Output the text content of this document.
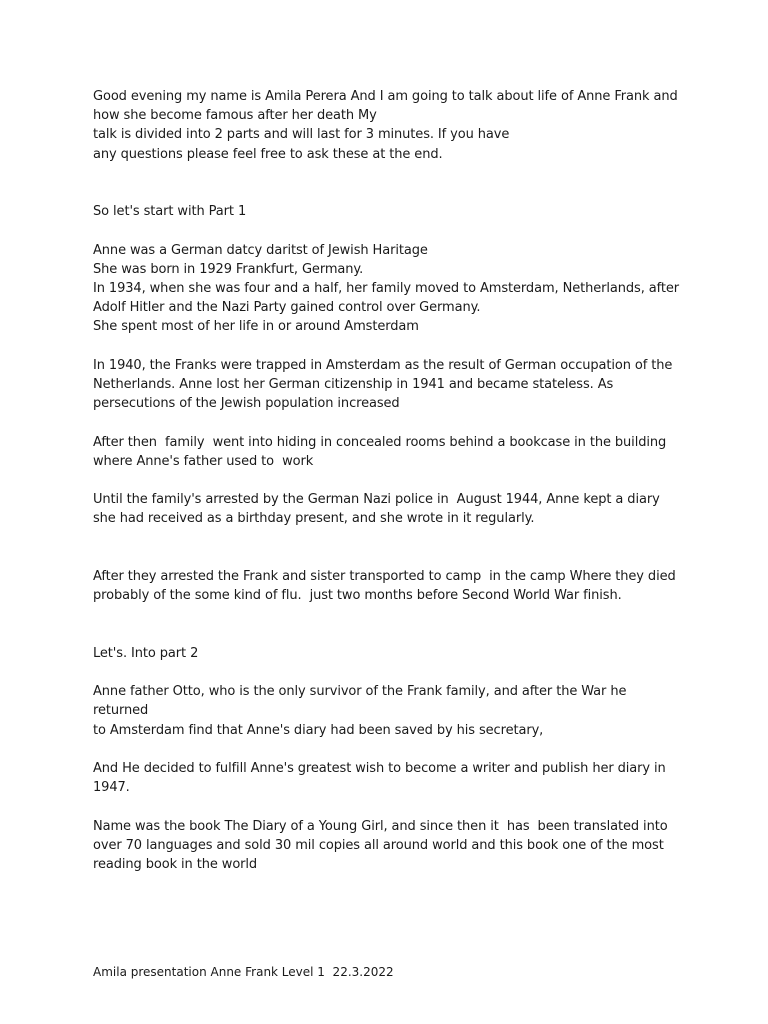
Good evening my name is Amila Perera And I am going to talk about life of Anne Frank and
how she become famous after her death My
talk is divided into 2 parts and will last for 3 minutes. If you have
any questions please feel free to ask these at the end.

So let's start with Part 1

Anne was a German datcy daritst of Jewish Haritage
She was born in 1929 Frankfurt, Germany.
In 1934, when she was four and a half, her family moved to Amsterdam, Netherlands, after
Adolf Hitler and the Nazi Party gained control over Germany.
She spent most of her life in or around Amsterdam

In 1940, the Franks were trapped in Amsterdam as the result of German occupation of the
Netherlands. Anne lost her German citizenship in 1941 and became stateless. As
persecutions of the Jewish population increased

After then  family  went into hiding in concealed rooms behind a bookcase in the building
where Anne's father used to  work

Until the family's arrested by the German Nazi police in  August 1944, Anne kept a diary
she had received as a birthday present, and she wrote in it regularly.

After they arrested the Frank and sister transported to camp  in the camp Where they died
probably of the some kind of flu.  just two months before Second World War finish.

Let's. Into part 2

Anne father Otto, who is the only survivor of the Frank family, and after the War he returned
to Amsterdam find that Anne's diary had been saved by his secretary,

And He decided to fulfill Anne's greatest wish to become a writer and publish her diary in
1947.

Name was the book The Diary of a Young Girl, and since then it  has  been translated into
over 70 languages and sold 30 mil copies all around world and this book one of the most
reading book in the world

Amila presentation Anne Frank Level 1  22.3.2022
